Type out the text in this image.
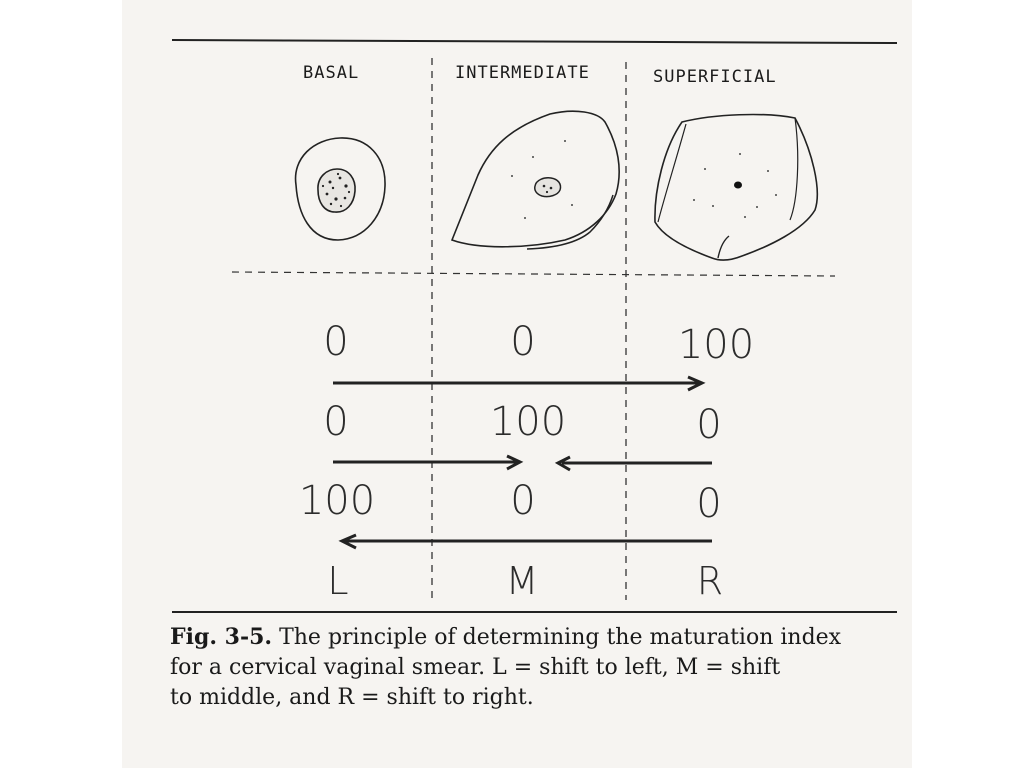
BASAL	INTERMEDIATE	SUPERFICIAL
0	0	100
0	100	0
100	0	0
L	M	R
Fig. 3-5. The principle of determining the maturation index
for a cervical vaginal smear. L = shift to left, M = shift
to middle, and R = shift to right.
